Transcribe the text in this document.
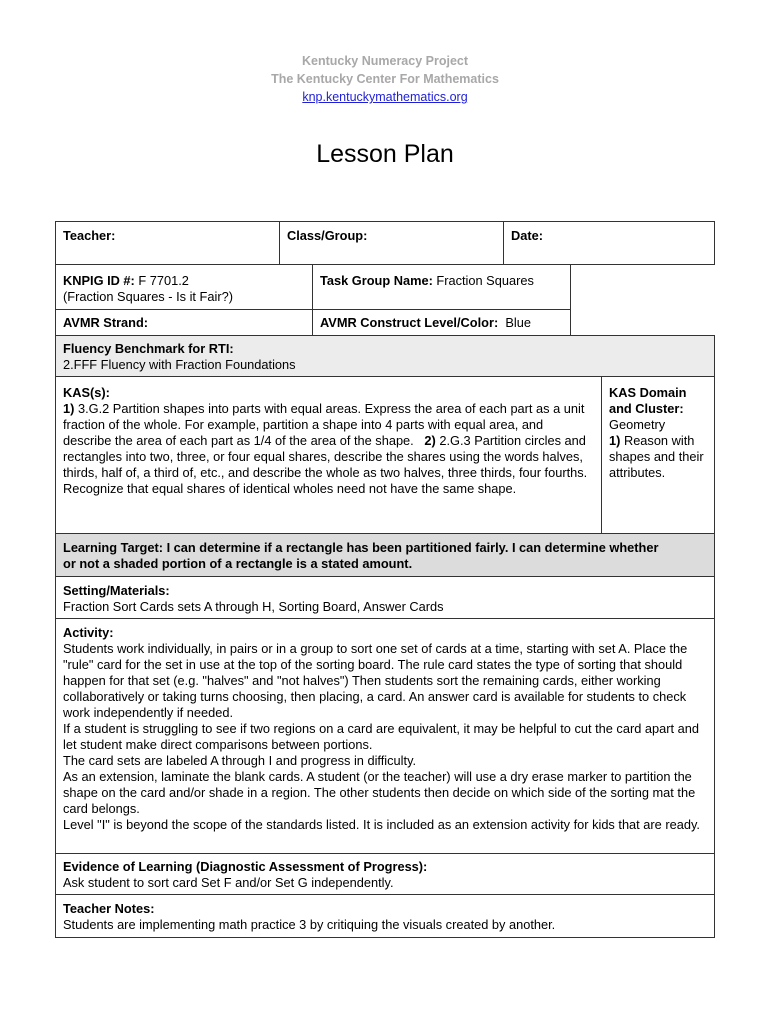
Kentucky Numeracy Project
The Kentucky Center For Mathematics
knp.kentuckymathematics.org
Lesson Plan
Teacher:	Class/Group:	Date:

KNPIG ID #: F 7701.2

(Fraction Squares - Is it Fair?)

Task Group Name: Fraction Squares
AVMR Strand:	AVMR Construct Level/Color:  Blue

Fluency Benchmark for RTI:

2.FFF Fluency with Fraction Foundations

KAS(s):

1) 3.G.2 Partition shapes into parts with equal areas. Express the area of each part as a unit fraction of the whole. For example, partition a shape into 4 parts with equal area, and describe the area of each part as 1/4 of the area of the shape.   2) 2.G.3 Partition circles and rectangles into two, three, or four equal shares, describe the shares using the words halves, thirds, half of, a third of, etc., and describe the whole as two halves, three thirds, four fourths. Recognize that equal shares of identical wholes need not have the same shape.

KAS Domain and Cluster:

Geometry

1) Reason with shapes and their attributes.

Learning Target: I can determine if a rectangle has been partitioned fairly. I can determine whether or not a shaded portion of a rectangle is a stated amount.

Setting/Materials:

Fraction Sort Cards sets A through H, Sorting Board, Answer Cards

Activity:

Students work individually, in pairs or in a group to sort one set of cards at a time, starting with set A. Place the "rule" card for the set in use at the top of the sorting board. The rule card states the type of sorting that should happen for that set (e.g. "halves" and "not halves") Then students sort the remaining cards, either working collaboratively or taking turns choosing, then placing, a card. An answer card is available for students to check work independently if needed.

If a student is struggling to see if two regions on a card are equivalent, it may be helpful to cut the card apart and let student make direct comparisons between portions.

The card sets are labeled A through I and progress in difficulty.

As an extension, laminate the blank cards. A student (or the teacher) will use a dry erase marker to partition the shape on the card and/or shade in a region. The other students then decide on which side of the sorting mat the card belongs.

Level "I" is beyond the scope of the standards listed. It is included as an extension activity for kids that are ready.

Evidence of Learning (Diagnostic Assessment of Progress):

Ask student to sort card Set F and/or Set G independently.

Teacher Notes:

Students are implementing math practice 3 by critiquing the visuals created by another.
